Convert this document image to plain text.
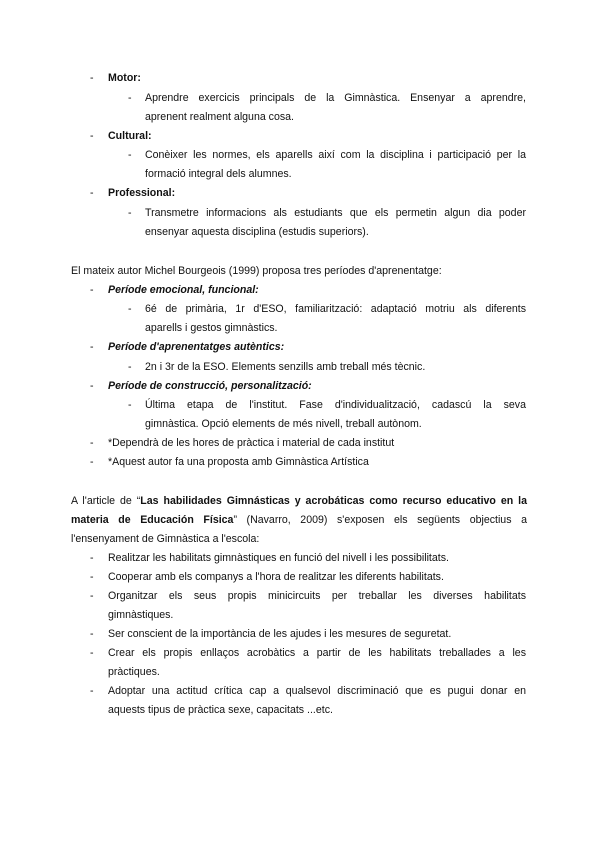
-	Motor:
-	Aprendre exercicis principals de la Gimnàstica. Ensenyar a aprendre,
aprenent realment alguna cosa.
-	Cultural:
-	Conèixer les normes, els aparells així com la disciplina i participació per la
formació integral dels alumnes.
-	Professional:
-	Transmetre informacions als estudiants que els permetin algun dia poder
ensenyar aquesta disciplina (estudis superiors).
El mateix autor Michel Bourgeois (1999) proposa tres períodes d'aprenentatge:
-	Període emocional, funcional:
-	6é de primària, 1r d'ESO, familiarització: adaptació motriu als diferents
aparells i gestos gimnàstics.
-	Període d'aprenentatges autèntics:
-	2n i 3r de la ESO. Elements senzills amb treball més tècnic.
-	Període de construcció, personalització:
-	Última etapa de l'institut. Fase d'individualització, cadascú la seva
gimnàstica. Opció elements de més nivell, treball autònom.
-	*Dependrà de les hores de pràctica i material de cada institut
-	*Aquest autor fa una proposta amb Gimnàstica Artística
A l'article de “Las habilidades Gimnásticas y acrobáticas como recurso educativo en la
materia de Educación Física” (Navarro, 2009) s'exposen els següents objectius a
l'ensenyament de Gimnàstica a l'escola:
-	Realitzar les habilitats gimnàstiques en funció del nivell i les possibilitats.
-	Cooperar amb els companys a l'hora de realitzar les diferents habilitats.
-	Organitzar els seus propis minicircuits per treballar les diverses habilitats
gimnàstiques.
-	Ser conscient de la importància de les ajudes i les mesures de seguretat.
-	Crear els propis enllaços acrobàtics a partir de les habilitats treballades a les
pràctiques.
-	Adoptar una actitud crítica cap a qualsevol discriminació que es pugui donar en
aquests tipus de pràctica sexe, capacitats ...etc.
